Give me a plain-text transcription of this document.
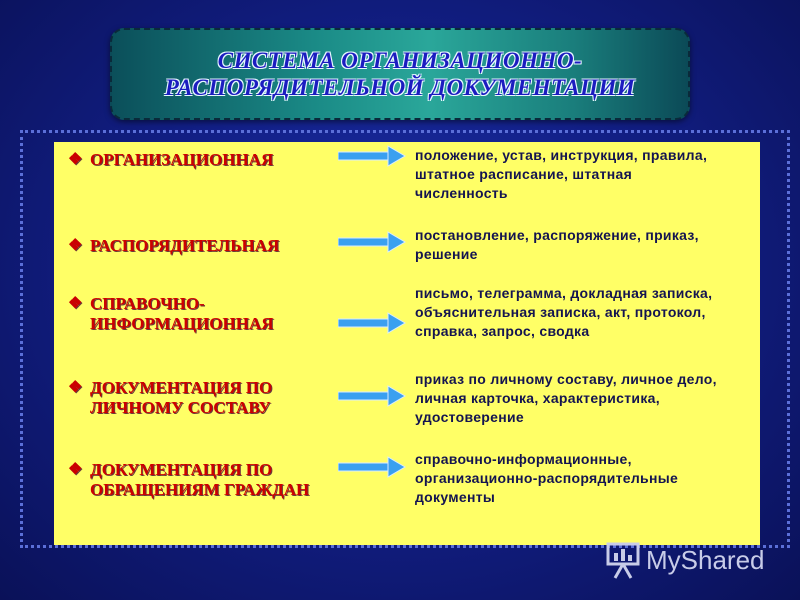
СИСТЕМА ОРГАНИЗАЦИОННО-
РАСПОРЯДИТЕЛЬНОЙ ДОКУМЕНТАЦИИ
❖ ОРГАНИЗАЦИОННАЯ	положение, устав, инструкция, правила,
штатное расписание, штатная
численность
❖ РАСПОРЯДИТЕЛЬНАЯ
постановление, распоряжение, приказ,
решение
❖ СПРАВОЧНО-
ИНФОРМАЦИОННАЯ
письмо, телеграмма, докладная записка,
объяснительная записка, акт, протокол,
справка, запрос, сводка
❖ ДОКУМЕНТАЦИЯ ПО
ЛИЧНОМУ СОСТАВУ
приказ по личному составу, личное дело,
личная карточка, характеристика,
удостоверение
❖ ДОКУМЕНТАЦИЯ ПО
ОБРАЩЕНИЯМ ГРАЖДАН
справочно-информационные,
организационно-распорядительные
документы
MyShared
